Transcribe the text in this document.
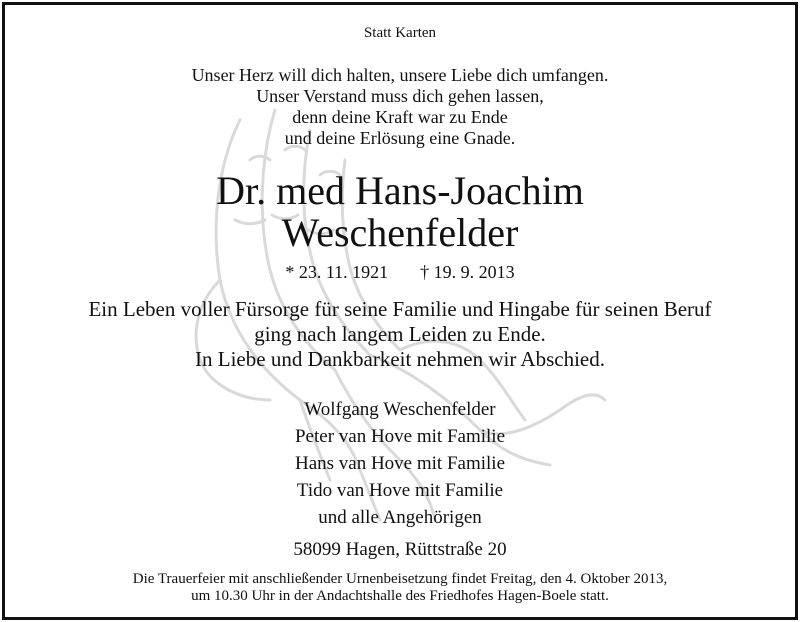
Statt Karten
Unser Herz will dich halten, unsere Liebe dich umfangen.
Unser Verstand muss dich gehen lassen,
denn deine Kraft war zu Ende
und deine Erlösung eine Gnade.
Dr. med Hans-Joachim
Weschenfelder
* 23. 11. 1921 † 19. 9. 2013
Ein Leben voller Fürsorge für seine Familie und Hingabe für seinen Beruf
ging nach langem Leiden zu Ende.
In Liebe und Dankbarkeit nehmen wir Abschied.
Wolfgang Weschenfelder
Peter van Hove mit Familie
Hans van Hove mit Familie
Tido van Hove mit Familie
und alle Angehörigen
58099 Hagen, Rüttstraße 20
Die Trauerfeier mit anschließender Urnenbeisetzung findet Freitag, den 4. Oktober 2013,
um 10.30 Uhr in der Andachtshalle des Friedhofes Hagen-Boele statt.
